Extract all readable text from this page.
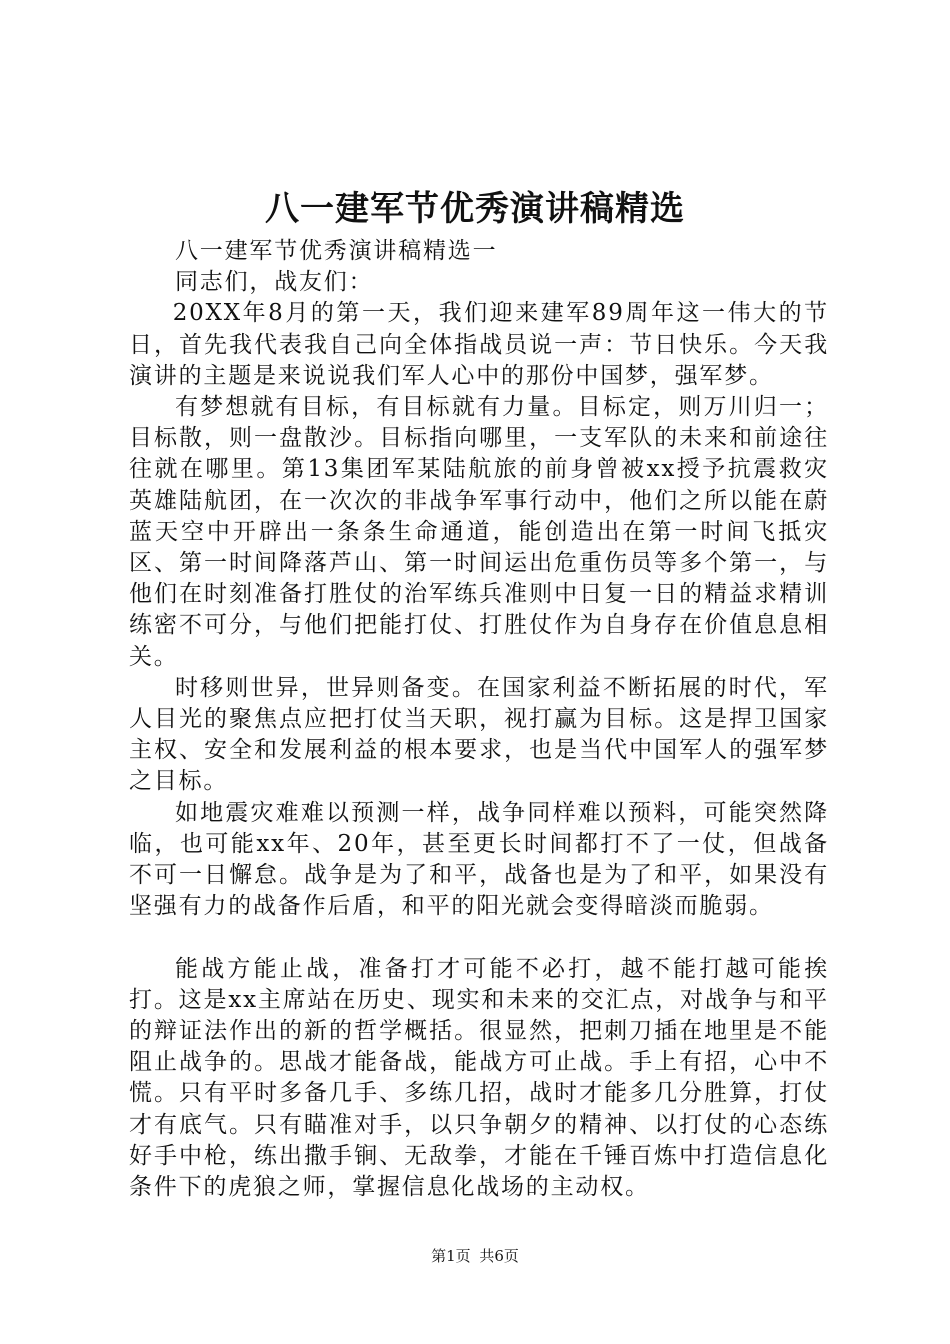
八一建军节优秀演讲稿精选

八一建军节优秀演讲稿精选一

同志们，战友们：

20XX年8月的第一天，我们迎来建军89周年这一伟大的节日，首先我代表我自己向全体指战员说一声：节日快乐。今天我演讲的主题是来说说我们军人心中的那份中国梦，强军梦。

有梦想就有目标，有目标就有力量。目标定，则万川归一；目标散，则一盘散沙。目标指向哪里，一支军队的未来和前途往往就在哪里。第13集团军某陆航旅的前身曾被xx授予抗震救灾英雄陆航团，在一次次的非战争军事行动中，他们之所以能在蔚蓝天空中开辟出一条条生命通道，能创造出在第一时间飞抵灾区、第一时间降落芦山、第一时间运出危重伤员等多个第一，与他们在时刻准备打胜仗的治军练兵准则中日复一日的精益求精训练密不可分，与他们把能打仗、打胜仗作为自身存在价值息息相关。

时移则世异，世异则备变。在国家利益不断拓展的时代，军人目光的聚焦点应把打仗当天职，视打赢为目标。这是捍卫国家主权、安全和发展利益的根本要求，也是当代中国军人的强军梦之目标。

如地震灾难难以预测一样，战争同样难以预料，可能突然降临，也可能xx年、20年，甚至更长时间都打不了一仗，但战备不可一日懈怠。战争是为了和平，战备也是为了和平，如果没有坚强有力的战备作后盾，和平的阳光就会变得暗淡而脆弱。

能战方能止战，准备打才可能不必打，越不能打越可能挨打。这是xx主席站在历史、现实和未来的交汇点，对战争与和平的辩证法作出的新的哲学概括。很显然，把刺刀插在地里是不能阻止战争的。思战才能备战，能战方可止战。手上有招，心中不慌。只有平时多备几手、多练几招，战时才能多几分胜算，打仗才有底气。只有瞄准对手，以只争朝夕的精神、以打仗的心态练好手中枪，练出撒手锏、无敌拳，才能在千锤百炼中打造信息化条件下的虎狼之师，掌握信息化战场的主动权。

第1页 共6页
